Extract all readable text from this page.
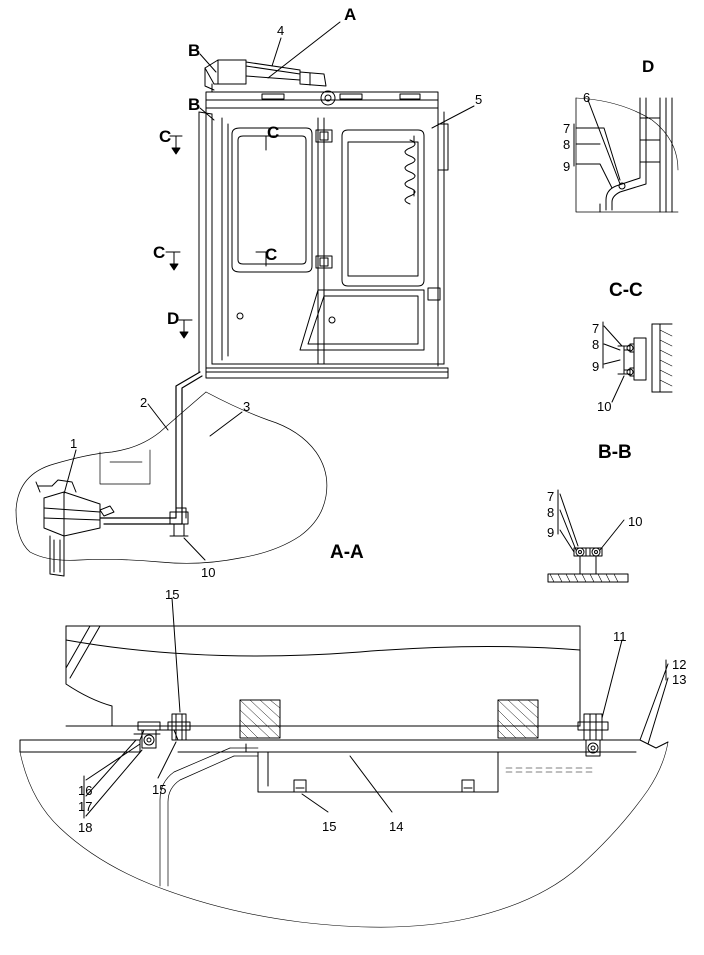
A
B
B
C	C
C	C
D
D
C-C
B-B
A-A
1
2	3
4
5	6
7
8
9
7
8
9
10
7
8
9
10
10
15
11
12
13
16
17
18
15
15	14
